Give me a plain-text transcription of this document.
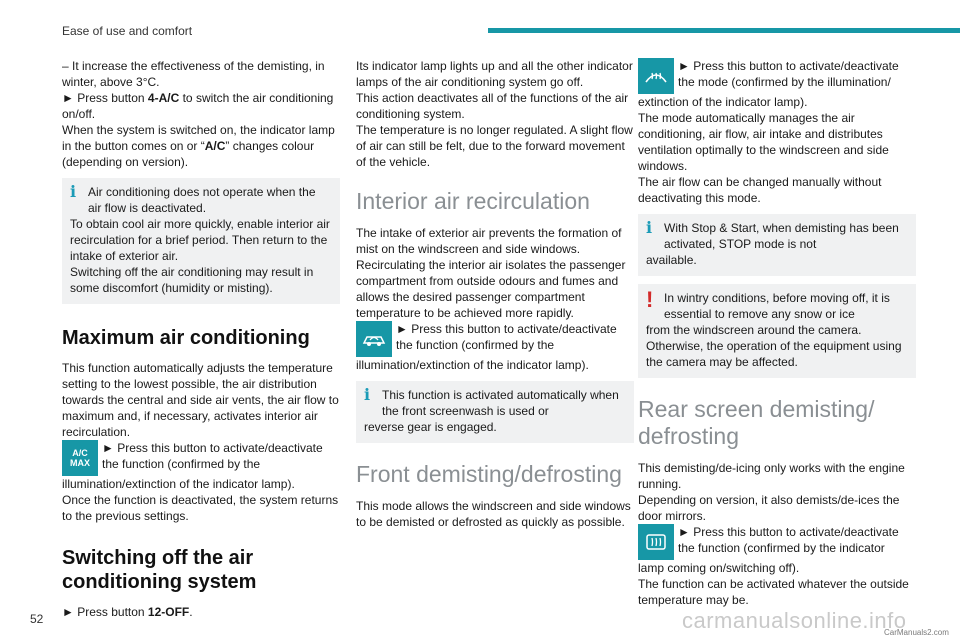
Ease of use and comfort

– It increase the effectiveness of the demisting, in winter, above 3°C.

► Press button 4-A/C to switch the air conditioning on/off.

When the system is switched on, the indicator lamp in the button comes on or “A/C” changes colour (depending on version).

i Air conditioning does not operate when the air flow is deactivated.

To obtain cool air more quickly, enable interior air recirculation for a brief period. Then return to the intake of exterior air.

Switching off the air conditioning may result in some discomfort (humidity or misting).

Maximum air conditioning

This function automatically adjusts the temperature setting to the lowest possible, the air distribution towards the central and side air vents, the air flow to maximum and, if necessary, activates interior air recirculation.

A/C MAX
► Press this button to activate/deactivate the function (confirmed by the

illumination/extinction of the indicator lamp).

Once the function is deactivated, the system returns to the previous settings.

Switching off the air conditioning system

► Press button 12-OFF.

Its indicator lamp lights up and all the other indicator lamps of the air conditioning system go off.

This action deactivates all of the functions of the air conditioning system.

The temperature is no longer regulated. A slight flow of air can still be felt, due to the forward movement of the vehicle.

Interior air recirculation

The intake of exterior air prevents the formation of mist on the windscreen and side windows. Recirculating the interior air isolates the passenger compartment from outside odours and fumes and allows the desired passenger compartment temperature to be achieved more rapidly.

► Press this button to activate/deactivate the function (confirmed by the

illumination/extinction of the indicator lamp).

i This function is activated automatically when the front screenwash is used or

reverse gear is engaged.

Front demisting/defrosting

This mode allows the windscreen and side windows to be demisted or defrosted as quickly as possible.

► Press this button to activate/deactivate the mode (confirmed by the illumination/

extinction of the indicator lamp).

The mode automatically manages the air conditioning, air flow, air intake and distributes ventilation optimally to the windscreen and side windows.

The air flow can be changed manually without deactivating this mode.

i With Stop & Start, when demisting has been activated, STOP mode is not

available.

! In wintry conditions, before moving off, it is essential to remove any snow or ice

from the windscreen around the camera. Otherwise, the operation of the equipment using the camera may be affected.

Rear screen demisting/ defrosting

This demisting/de-icing only works with the engine running.

Depending on version, it also demists/de-ices the door mirrors.

► Press this button to activate/deactivate the function (confirmed by the indicator

lamp coming on/switching off).

The function can be activated whatever the outside temperature may be.

52	carmanualsonline.info
CarManuals2.com
